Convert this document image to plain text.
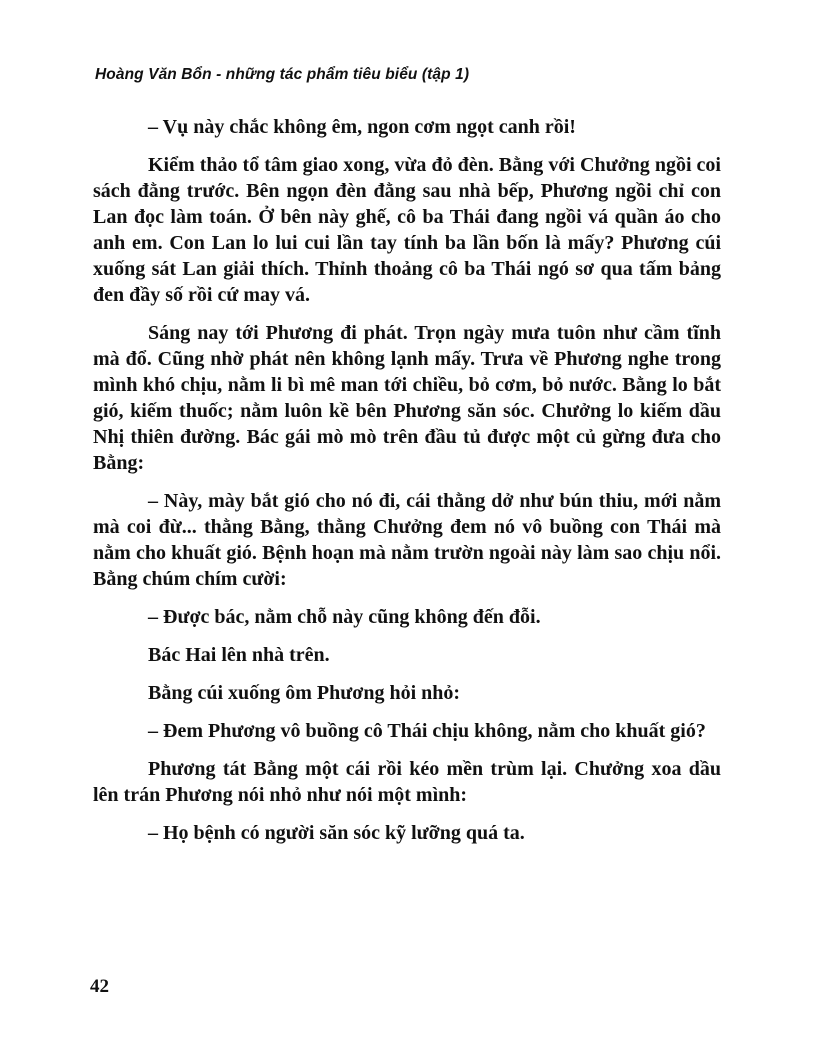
Hoàng Văn Bổn - những tác phẩm tiêu biểu (tập 1)

– Vụ này chắc không êm, ngon cơm ngọt canh rồi!

Kiểm thảo tổ tâm giao xong, vừa đỏ đèn. Bằng với Chưởng ngồi coi sách đằng trước. Bên ngọn đèn đằng sau nhà bếp, Phương ngồi chỉ con Lan đọc làm toán. Ở bên này ghế, cô ba Thái đang ngồi vá quần áo cho anh em. Con Lan lo lui cui lần tay tính ba lần bốn là mấy? Phương cúi xuống sát Lan giải thích. Thỉnh thoảng cô ba Thái ngó sơ qua tấm bảng đen đầy số rồi cứ may vá.

Sáng nay tới Phương đi phát. Trọn ngày mưa tuôn như cầm tĩnh mà đổ. Cũng nhờ phát nên không lạnh mấy. Trưa về Phương nghe trong mình khó chịu, nằm li bì mê man tới chiều, bỏ cơm, bỏ nước. Bằng lo bắt gió, kiếm thuốc; nằm luôn kề bên Phương săn sóc. Chưởng lo kiếm dầu Nhị thiên đường. Bác gái mò mò trên đầu tủ được một củ gừng đưa cho Bằng:

– Này, mày bắt gió cho nó đi, cái thằng dở như bún thiu, mới nằm mà coi đừ... thằng Bằng, thằng Chưởng đem nó vô buồng con Thái mà nằm cho khuất gió. Bệnh hoạn mà nằm trườn ngoài này làm sao chịu nổi. Bằng chúm chím cười:

– Được bác, nằm chỗ này cũng không đến đỗi.

Bác Hai lên nhà trên.

Bằng cúi xuống ôm Phương hỏi nhỏ:

– Đem Phương vô buồng cô Thái chịu không, nằm cho khuất gió?

Phương tát Bằng một cái rồi kéo mền trùm lại. Chưởng xoa dầu lên trán Phương nói nhỏ như nói một mình:

– Họ bệnh có người săn sóc kỹ lưỡng quá ta.

42
